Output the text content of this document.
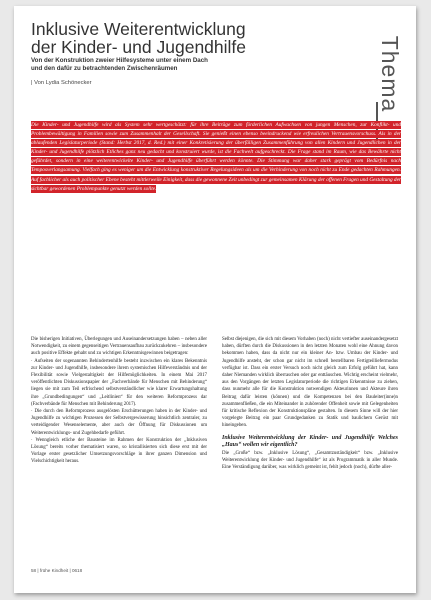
Inklusive Weiterentwicklung
der Kinder- und Jugendhilfe
Von der Konstruktion zweier Hilfesysteme unter einem Dach
und den dafür zu betrachtenden Zwischenräumen
| Von Lydia Schönecker	Thema
Die Kinder- und Jugendhilfe wird als System sehr wertgeschätzt: für ihre Beiträge zum förderlichen Aufwachsen von jungen Menschen, zur Konflikt- und Problembewältigung in Familien sowie zum Zusammenhalt der Gesellschaft. Sie genießt einen ebenso beeindruckend wie erfreulichen Vertrauensvorschuss. Als in der ablaufenden Legislaturperiode (Stand: Herbst 2017, d. Red.) mit einer Konkretisierung der überfälligen Zusammenführung von allen Kindern und Jugendlichen in der Kinder- und Jugendhilfe plötzlich Etliches ganz neu gedacht und konstruiert wurde, ist die Fachwelt aufgeschreckt. Die Frage stand im Raum, wie das Bewährte nicht gefährdet, sondern in eine weiterentwickelte Kinder- und Jugendhilfe überführt werden könnte. Die Stimmung war daher stark geprägt vom Bedürfnis nach Temposverlangsamung. Vielfach ging es weniger um die Entwicklung konstruktiver Regelungsideen als um die Verhinderung von noch nicht zu Ende gedachten Rahmungen. Auf fachlicher als auch politischer Ebene besteht mittlerweile Einigkeit, dass die gewonnene Zeit unbedingt zur gemeinsamen Klärung der offenen Fragen und Gestaltung der sichtbar gewordenen Problempunkte genutzt werden sollte.

Die bisherigen Initiativen, Überlegungen und Auseinandersetzungen haben – neben aller Notwendigkeit, zu einem gegenseitigen Vertrauensaufbau zurückzukehren – insbesondere auch positive Effekte gehabt und zu wichtigen Erkenntnisgewinnen beigetragen:

· Aufseiten der sogenannten Behindertenhilfe besteht inzwischen ein klares Bekenntnis zur Kinder- und Jugendhilfe, insbesondere ihrem systemischen Hilfeverständnis und der Flexibilität sowie Vielgestaltigkeit der Hilfemöglichkeiten. In einem Mai 2017 veröffentlichten Diskussionspapier der „Fachverbände für Menschen mit Behinderung“ liegen sie mit zum Teil erfrischend selbstverständlicher wie klarer Erwartungshaltung ihre „Grundbedingungen“ und „Leitlinien“ für den weiteren Reformprozess dar (Fachverbände für Menschen mit Behinderung 2017).

· Die durch den Reformprozess ausgelösten Erschütterungen haben in der Kinder- und Jugendhilfe zu wichtigen Prozessen der Selbstvergewisserung hinsichtlich zentraler, zu verteidigender Wesenselemente, aber auch der Öffnung für Diskussionen um Weiterentwicklungs- und Zugehbedarfe geführt.

· Wenngleich etliche der Bausteine im Rahmen der Konstruktion der „Inklusiven Lösung“ bereits vorher thematisiert waren, so kristallisierten sich diese erst mit der Vorlage erster gesetzlicher Umsetzungsvorschläge in ihrer ganzen Dimension und Vielschichtigkeit heraus.

Selbst diejenigen, die sich mit diesem Vorhaben (noch) nicht vertiefter auseinandergesetzt haben, dürften durch die Diskussionen in den letzten Monaten wohl eine Ahnung davon bekommen haben, dass da nicht nur ein kleiner An- bzw. Umbau der Kinder- und Jugendhilfe ansteht, der schon gar nicht im schnell bestellbaren Fertigteilliefermodus verfügbar ist. Dass ein erster Versuch noch nicht gleich zum Erfolg geführt hat, kann daher Niemanden wirklich überraschen oder gar enttäuschen. Wichtig erscheint vielmehr, aus den Vorgängen der letzten Legislaturperiode die richtigen Erkenntnisse zu ziehen, dass nunmehr alle für die Konstruktion notwendigen Akteurinnen und Akteure ihren Beitrag dafür leisten (können) und die Kompetenzen bei den Bauleiter(inne)n zusammenfließen, die ein Miteinander in zuhörender Offenheit sowie mit Gelegenheiten für kritische Reflexion der Konstruktionspläne gestalten. In diesem Sinne will der hier vorgelegte Beitrag ein paar Grundgedanken zu Statik und baulichem Gerüst mit hineingeben.

Inklusive Weiterentwicklung der Kinder- und Jugendhilfe Welches „Haus“ wollen wir eigentlich?

Die „Große“ bzw. „Inklusive Lösung“, „Gesamtzuständigkeit“ bzw. „Inklusive Weiterentwicklung der Kinder- und Jugendhilfe“ ist als Programmatik in aller Munde. Eine Verständigung darüber, was wirklich gemeint ist, fehlt jedoch (noch), dürfte aller-

58 | frühe Kindheit | 0618
